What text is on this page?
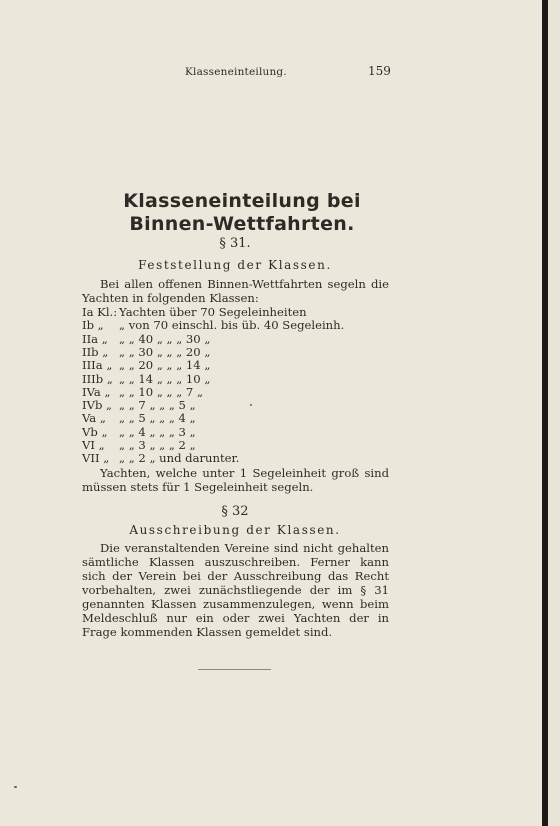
Klasseneinteilung.	159
Klasseneinteilung bei Binnen-Wettfahrten.
§ 31.
Feststellung der Klassen.

Bei allen offenen Binnen-Wettfahrten segeln die Yachten in folgenden Klassen:

Ia Kl.: Yachten über 70 Segeleinheiten
Ib „ „ von 70 einschl. bis üb. 40 Segeleinh.
IIa „ „ „ 40 „ „ „ 30 „
IIb „ „ „ 30 „ „ „ 20 „
IIIa „ „ „ 20 „ „ „ 14 „
IIIb „ „ „ 14 „ „ „ 10 „
IVa „ „ „ 10 „ „ „ 7 „
IVb „ „ „ 7 „ „ „ 5 „
Va „ „ „ 5 „ „ „ 4 „
Vb „ „ „ 4 „ „ „ 3 „
VI „ „ „ 3 „ „ „ 2 „
VII „ „ „ 2 „ und darunter.

Yachten, welche unter 1 Segeleinheit groß sind müssen stets für 1 Segeleinheit segeln.

§ 32
Ausschreibung der Klassen.

Die veranstaltenden Vereine sind nicht gehalten sämtliche Klassen auszuschreiben. Ferner kann sich der Verein bei der Ausschreibung das Recht vorbehalten, zwei zunächstliegende der im § 31 genannten Klassen zusammenzulegen, wenn beim Meldeschluß nur ein oder zwei Yachten der in Frage kommenden Klassen gemeldet sind.
